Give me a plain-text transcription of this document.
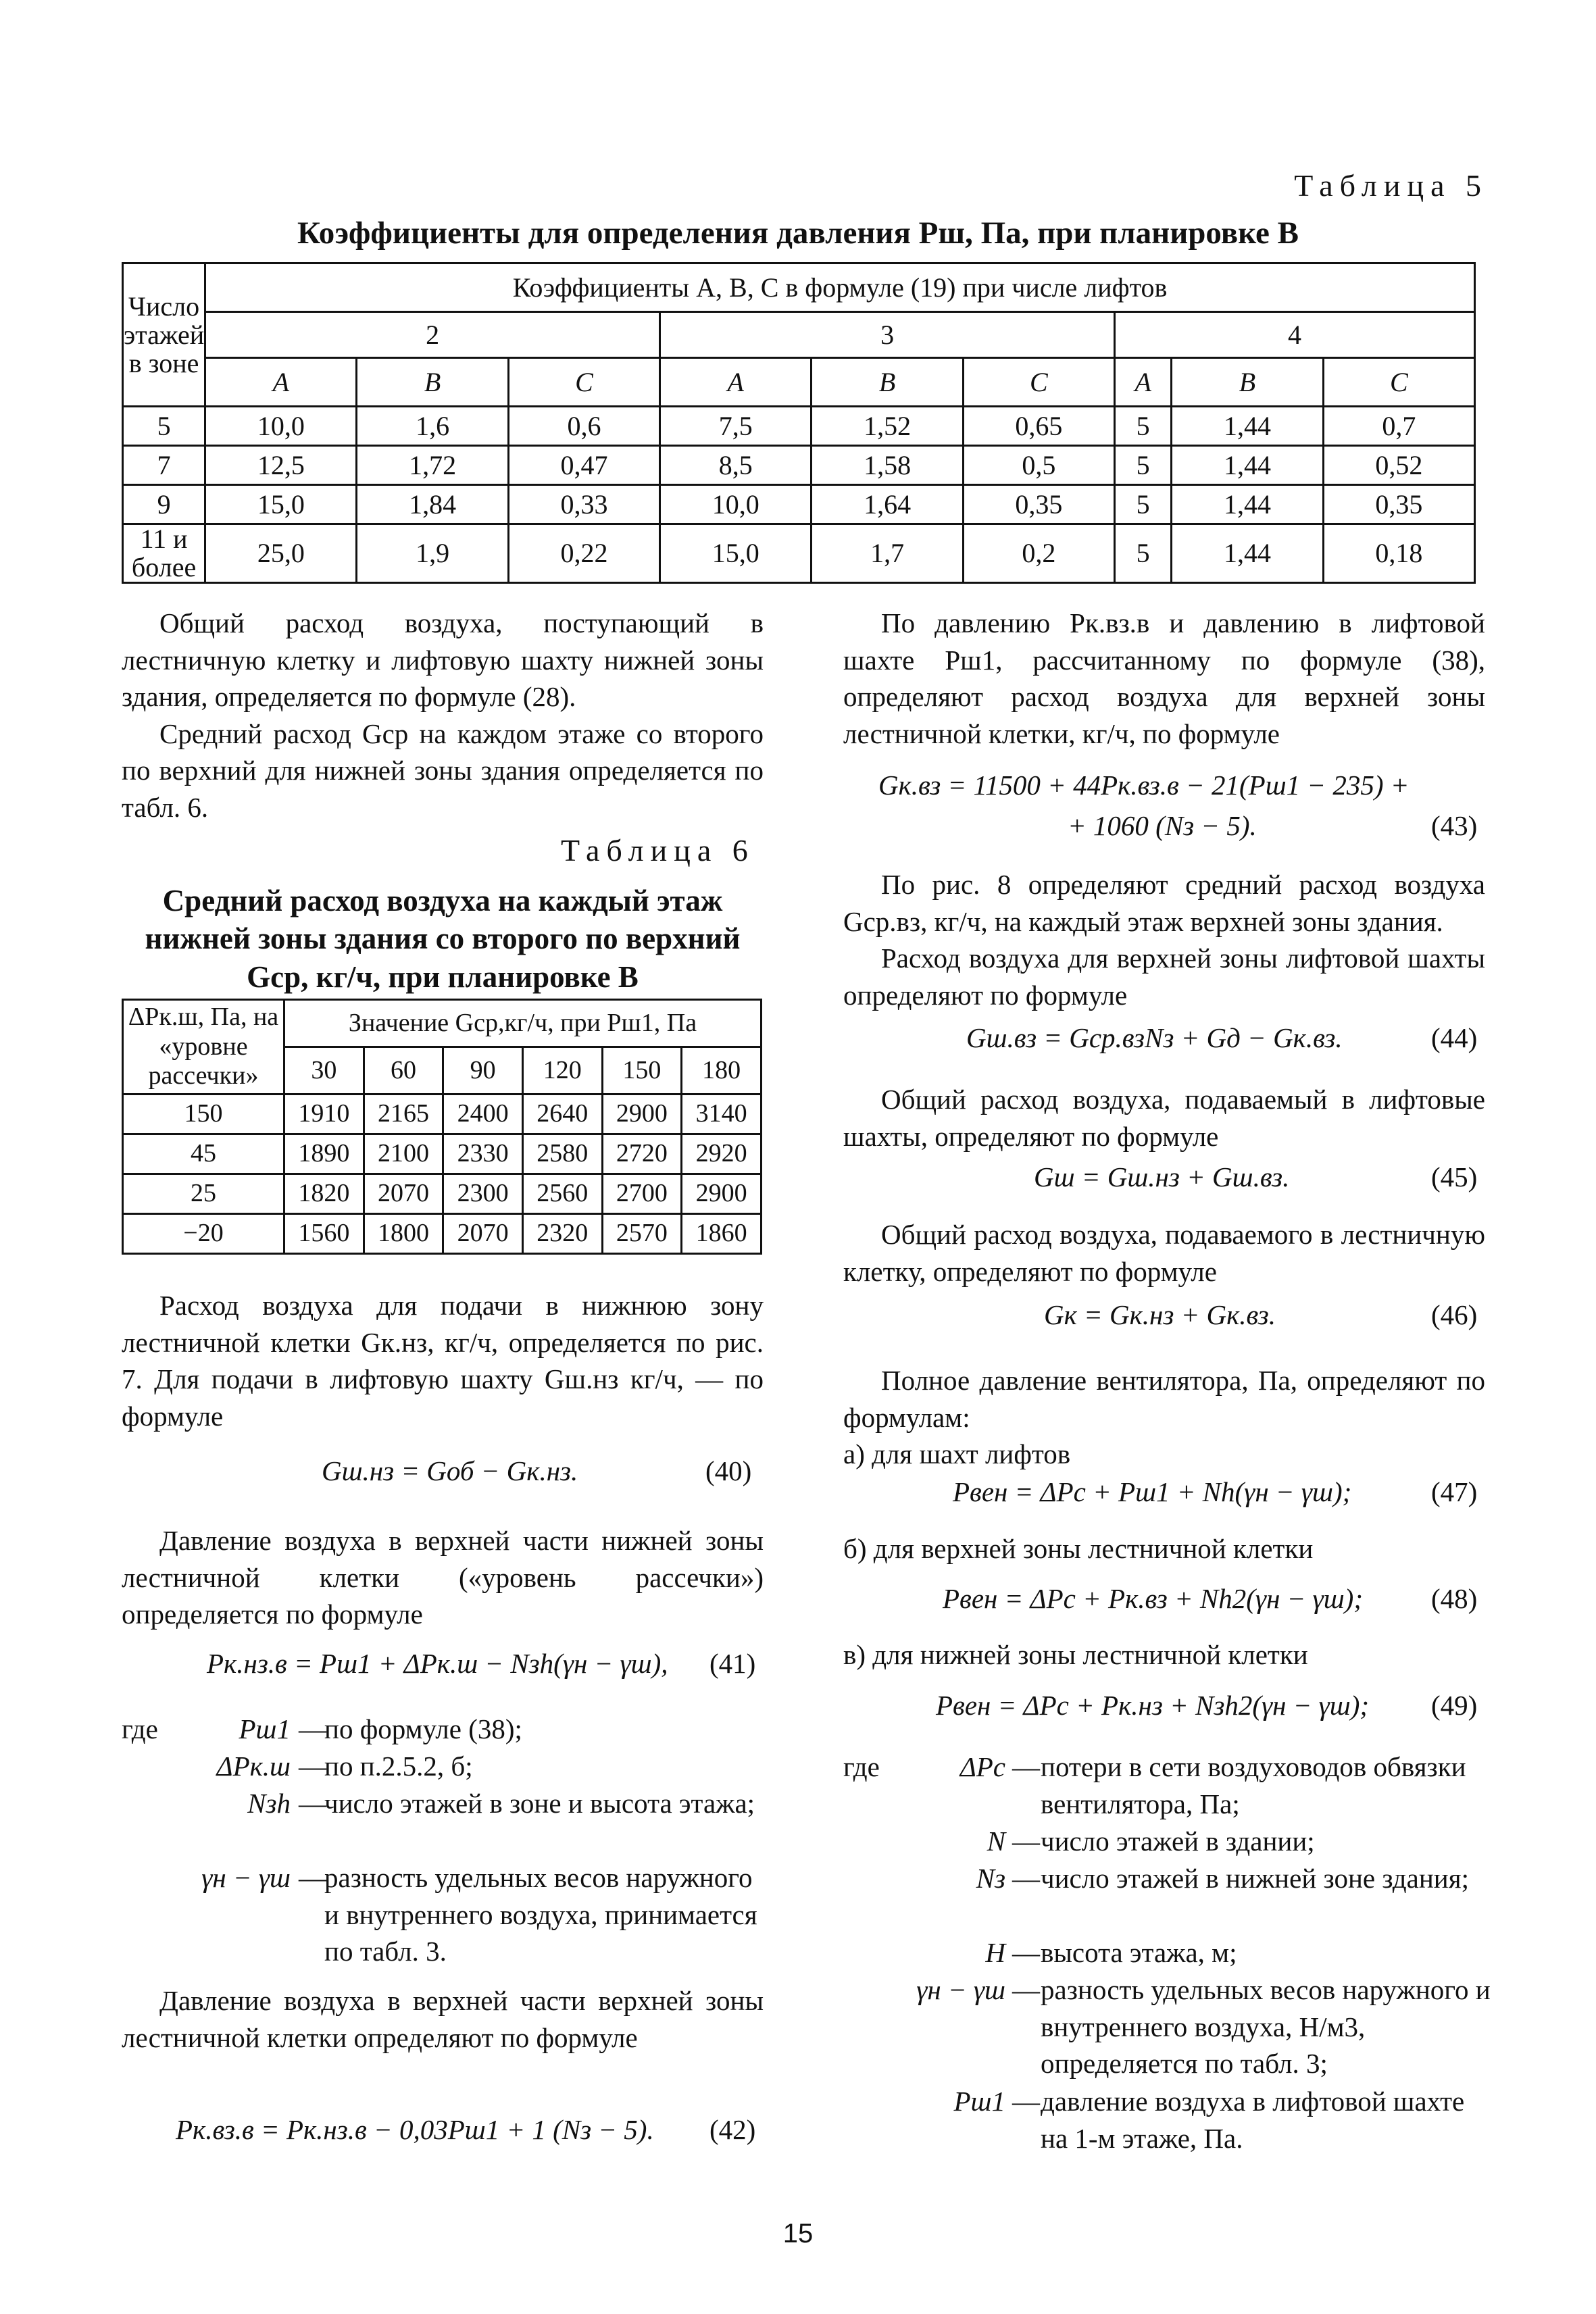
Таблица 5
Коэффициенты для определения давления Pш, Па, при планировке В
Число этажей в зоне	Коэффициенты A, B, C в формуле (19) при числе лифтов								
	2			3			4		
	A	B	C	A	B	C	A	B	C
5	10,0	1,6	0,6	7,5	1,52	0,65	5	1,44	0,7
7	12,5	1,72	0,47	8,5	1,58	0,5	5	1,44	0,52
9	15,0	1,84	0,33	10,0	1,64	0,35	5	1,44	0,35
11 и более	25,0	1,9	0,22	15,0	1,7	0,2	5	1,44	0,18

Общий расход воздуха, поступающий в лестничную клетку и лифтовую шахту нижней зоны здания, определяется по формуле (28).

Средний расход Gср на каждом этаже со второго по верхний для нижней зоны здания определяется по табл. 6.

Таблица 6
Средний расход воздуха на каждый этаж
нижней зоны здания со второго по верхний
Gср, кг/ч, при планировке В
ΔPк.ш, Па, на «уровне рассечки»	Значение Gср,кг/ч, при Pш1, Па					
	30	60	90	120	150	180
150	1910	2165	2400	2640	2900	3140
45	1890	2100	2330	2580	2720	2920
25	1820	2070	2300	2560	2700	2900
−20	1560	1800	2070	2320	2570	1860

Расход воздуха для подачи в нижнюю зону лестничной клетки Gк.нз, кг/ч, определяется по рис. 7. Для подачи в лифтовую шахту Gш.нз кг/ч, — по формуле

Gш.нз = Gоб − Gк.нз.	(40)

Давление воздуха в верхней части нижней зоны лестничной клетки («уровень рассечки») определяется по формуле

Pк.нз.в = Pш1 + ΔPк.ш − Nзh(γн − γш), (41)
где	Pш1 —
по формуле (38);
ΔPк.ш —
по п.2.5.2, б;
Nзh —
число этажей в зоне и высота этажа;
γн − γш —
разность удельных весов наружного и внутреннего воздуха, принимается по табл. 3.

Давление воздуха в верхней части верхней зоны лестничной клетки определяют по формуле

Pк.вз.в = Pк.нз.в − 0,03Pш1 + 1 (Nз − 5). (42)

По давлению Pк.вз.в и давлению в лифтовой шахте Pш1, рассчитанному по формуле (38), определяют расход воздуха для верхней зоны лестничной клетки, кг/ч, по формуле

Gк.вз = 11500 + 44Pк.вз.в − 21(Pш1 − 235) +
+ 1060 (Nз − 5).	(43)

По рис. 8 определяют средний расход воздуха Gср.вз, кг/ч, на каждый этаж верхней зоны здания.

Расход воздуха для верхней зоны лифтовой шахты определяют по формуле

Gш.вз = Gср.взNз + Gд − Gк.вз.	(44)

Общий расход воздуха, подаваемый в лифтовые шахты, определяют по формуле

Gш = Gш.нз + Gш.вз.	(45)

Общий расход воздуха, подаваемого в лестничную клетку, определяют по формуле

Gк = Gк.нз + Gк.вз.	(46)

Полное давление вентилятора, Па, определяют по формулам:

а) для шахт лифтов
Pвен = ΔPс + Pш1 + Nh(γн − γш);	(47)
б) для верхней зоны лестничной клетки
Pвен = ΔPс + Pк.вз + Nh2(γн − γш); (48)
в) для нижней зоны лестничной клетки
Pвен = ΔPс + Pк.нз + Nзh2(γн − γш); (49)
где	ΔPс — потери в сети воздуховодов обвязки вентилятора, Па;
N — число этажей в здании;
Nз — число этажей в нижней зоне здания;
H — высота этажа, м;
γн − γш — разность удельных весов наружного и внутреннего воздуха, Н/м3, определяется по табл. 3;
Pш1 — давление воздуха в лифтовой шахте на 1-м этаже, Па.
15
